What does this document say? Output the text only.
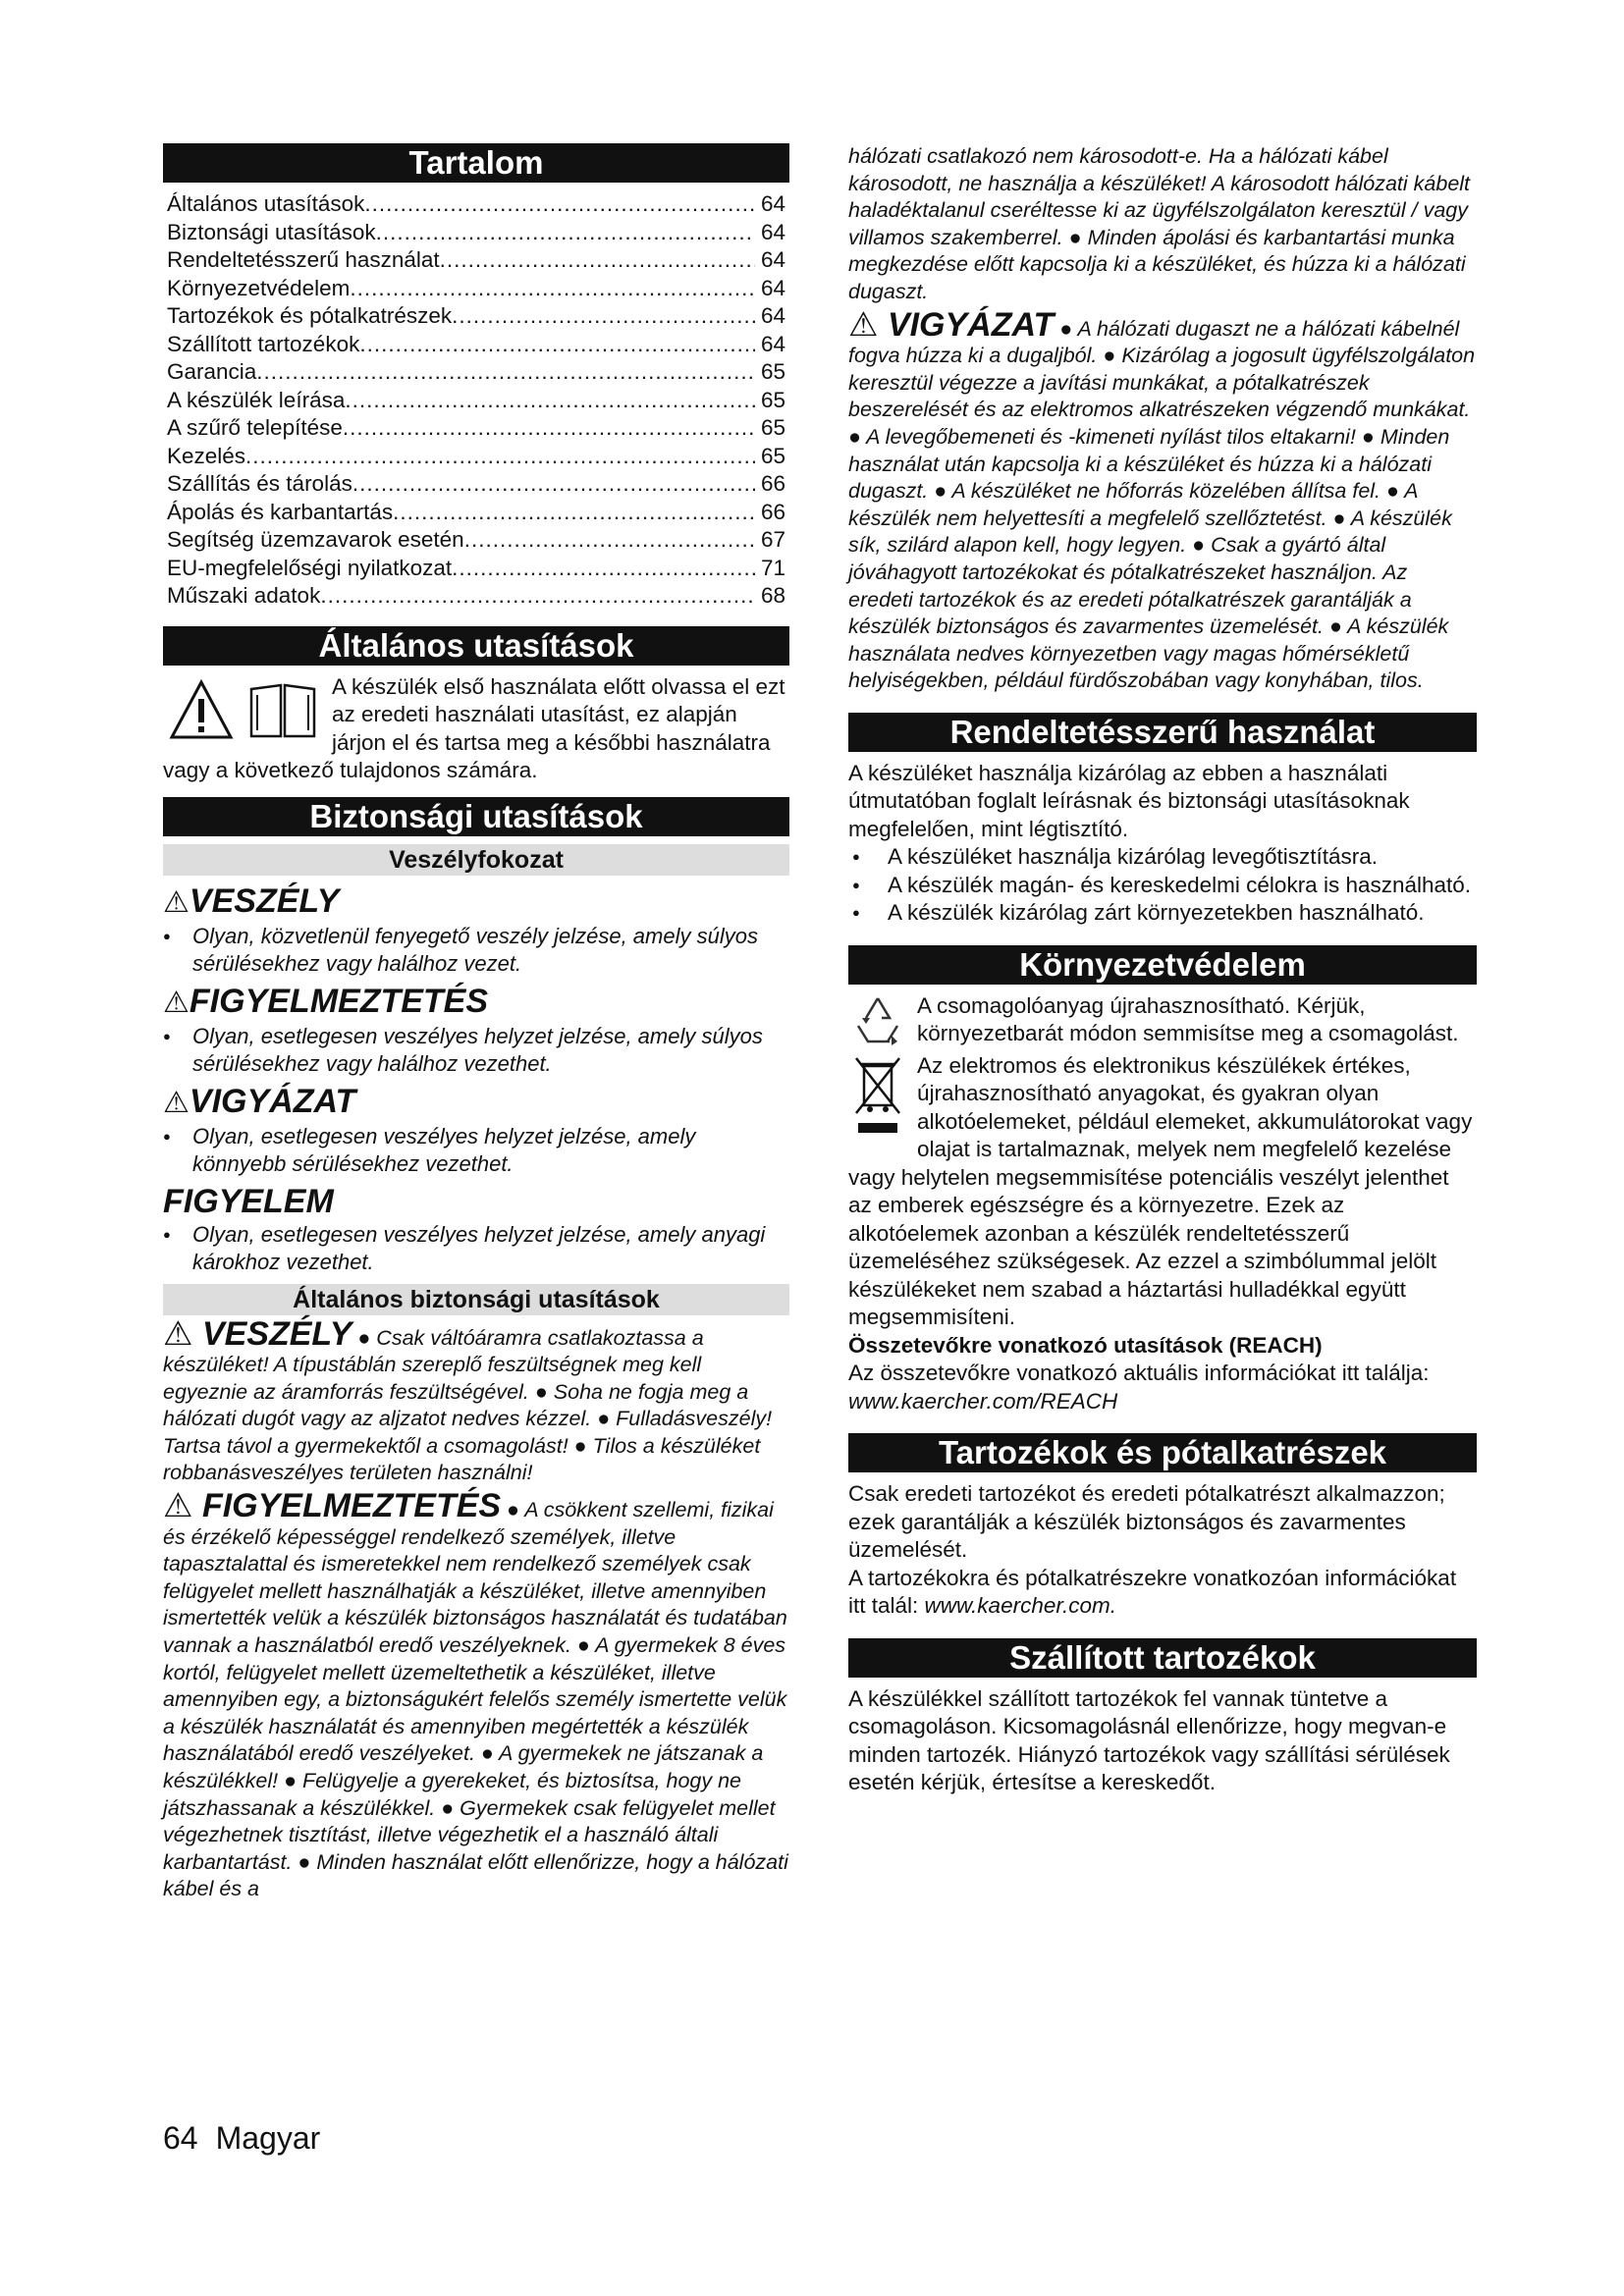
Tartalom
Általános utasítások .....	64
Biztonsági utasítások .....	64
Rendeltetésszerű használat .....	64
Környezetvédelem .....	64
Tartozékok és pótalkatrészek .....	64
Szállított tartozékok .....	64
Garancia .....	65
A készülék leírása .....	65
A szűrő telepítése .....	65
Kezelés .....	65
Szállítás és tárolás .....	66
Ápolás és karbantartás .....	66
Segítség üzemzavarok esetén .....	67
EU-megfelelőségi nyilatkozat .....	71
Műszaki adatok .....	68
Általános utasítások
A készülék első használata előtt olvassa el ezt az eredeti használati utasítást, ez alapján járjon el és tartsa meg a későbbi használatra vagy a következő tulajdonos számára.
Biztonsági utasítások
Veszélyfokozat
⚠VESZÉLY
● Olyan, közvetlenül fenyegető veszély jelzése, amely súlyos sérülésekhez vagy halálhoz vezet.
⚠FIGYELMEZTETÉS
● Olyan, esetlegesen veszélyes helyzet jelzése, amely súlyos sérülésekhez vagy halálhoz vezethet.
⚠VIGYÁZAT
● Olyan, esetlegesen veszélyes helyzet jelzése, amely könnyebb sérülésekhez vezethet.
FIGYELEM
● Olyan, esetlegesen veszélyes helyzet jelzése, amely anyagi károkhoz vezethet.
Általános biztonsági utasítások
⚠ VESZÉLY ● Csak váltóáramra csatlakoztassa a készüléket! A típustáblán szereplő feszültségnek meg kell egyeznie az áramforrás feszültségével. ● Soha ne fogja meg a hálózati dugót vagy az aljzatot nedves kézzel. ● Fulladásveszély! Tartsa távol a gyermekektől a csomagolást! ● Tilos a készüléket robbanásveszélyes területen használni!
⚠ FIGYELMEZTETÉS ● A csökkent szellemi, fizikai és érzékelő képességgel rendelkező személyek, illetve tapasztalattal és ismeretekkel nem rendelkező személyek csak felügyelet mellett használhatják a készüléket, illetve amennyiben ismertették velük a készülék biztonságos használatát és tudatában vannak a használatból eredő veszélyeknek. ● A gyermekek 8 éves kortól, felügyelet mellett üzemeltethetik a készüléket, illetve amennyiben egy, a biztonságukért felelős személy ismertette velük a készülék használatát és amennyiben megértették a készülék használatából eredő veszélyeket. ● A gyermekek ne játszanak a készülékkel! ● Felügyelje a gyerekeket, és biztosítsa, hogy ne játszhassanak a készülékkel. ● Gyermekek csak felügyelet mellet végezhetnek tisztítást, illetve végezhetik el a használó általi karbantartást. ● Minden használat előtt ellenőrizze, hogy a hálózati kábel és a
hálózati csatlakozó nem károsodott-e. Ha a hálózati kábel károsodott, ne használja a készüléket! A károsodott hálózati kábelt haladéktalanul cseréltesse ki az ügyfélszolgálaton keresztül / vagy villamos szakemberrel. ● Minden ápolási és karbantartási munka megkezdése előtt kapcsolja ki a készüléket, és húzza ki a hálózati dugaszt.
⚠ VIGYÁZAT ● A hálózati dugaszt ne a hálózati kábelnél fogva húzza ki a dugaljból. ● Kizárólag a jogosult ügyfélszolgálaton keresztül végezze a javítási munkákat, a pótalkatrészek beszerelését és az elektromos alkatrészeken végzendő munkákat. ● A levegőbemeneti és -kimeneti nyílást tilos eltakarni! ● Minden használat után kapcsolja ki a készüléket és húzza ki a hálózati dugaszt. ● A készüléket ne hőforrás közelében állítsa fel. ● A készülék nem helyettesíti a megfelelő szellőztetést. ● A készülék sík, szilárd alapon kell, hogy legyen. ● Csak a gyártó által jóváhagyott tartozékokat és pótalkatrészeket használjon. Az eredeti tartozékok és az eredeti pótalkatrészek garantálják a készülék biztonságos és zavarmentes üzemelését. ● A készülék használata nedves környezetben vagy magas hőmérsékletű helyiségekben, például fürdőszobában vagy konyhában, tilos.
Rendeltetésszerű használat
A készüléket használja kizárólag az ebben a használati útmutatóban foglalt leírásnak és biztonsági utasításoknak megfelelően, mint légtisztító.
● A készüléket használja kizárólag levegőtisztításra.
● A készülék magán- és kereskedelmi célokra is használható.
● A készülék kizárólag zárt környezetekben használható.
Környezetvédelem
A csomagolóanyag újrahasznosítható. Kérjük, környezetbarát módon semmisítse meg a csomagolást.
Az elektromos és elektronikus készülékek értékes, újrahasznosítható anyagokat, és gyakran olyan alkotóelemeket, például elemeket, akkumulátorokat vagy olajat is tartalmaznak, melyek nem megfelelő kezelése vagy helytelen megsemmisítése potenciális veszélyt jelenthet az emberek egészségre és a környezetre. Ezek az alkotóelemek azonban a készülék rendeltetésszerű üzemeléséhez szükségesek. Az ezzel a szimbólummal jelölt készülékeket nem szabad a háztartási hulladékkal együtt megsemmisíteni.
Összetevőkre vonatkozó utasítások (REACH)
Az összetevőkre vonatkozó aktuális információkat itt találja: www.kaercher.com/REACH
Tartozékok és pótalkatrészek
Csak eredeti tartozékot és eredeti pótalkatrészt alkalmazzon; ezek garantálják a készülék biztonságos és zavarmentes üzemelését.
A tartozékokra és pótalkatrészekre vonatkozóan információkat itt talál: www.kaercher.com.
Szállított tartozékok
A készülékkel szállított tartozékok fel vannak tüntetve a csomagoláson. Kicsomagolásnál ellenőrizze, hogy megvan-e minden tartozék. Hiányzó tartozékok vagy szállítási sérülések esetén kérjük, értesítse a kereskedőt.
64 Magyar
